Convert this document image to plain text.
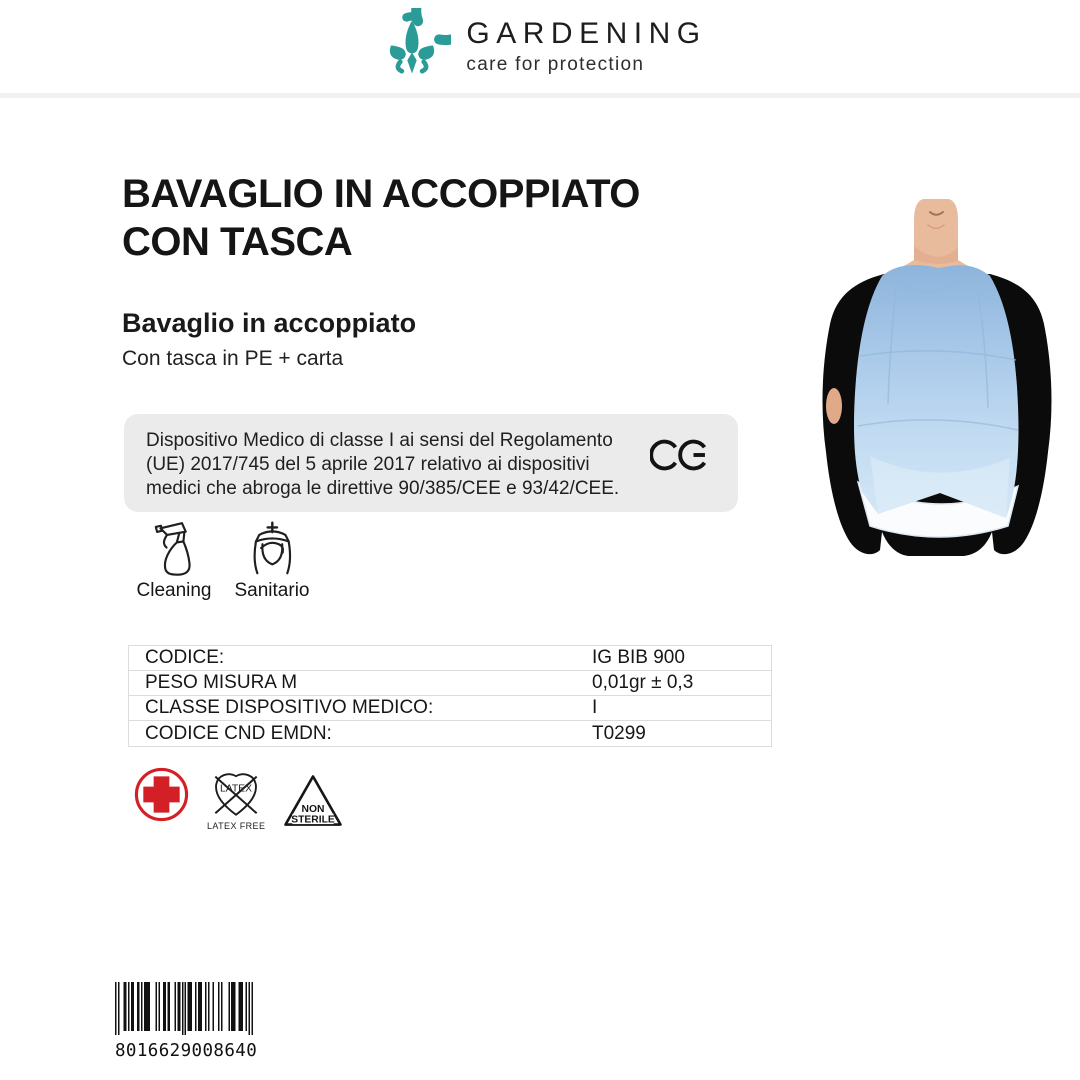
GARDENING
care for protection
BAVAGLIO IN ACCOPPIATO CON TASCA
Bavaglio in accoppiato
Con tasca in PE + carta
Dispositivo Medico di classe I ai sensi del Regolamento (UE) 2017/745 del 5 aprile 2017 relativo ai dispositivi medici che abroga le direttive 90/385/CEE e 93/42/CEE.
Cleaning Sanitario
CODICE:	IG BIB 900
PESO MISURA M	0,01gr ± 0,3
CLASSE DISPOSITIVO MEDICO:	I
CODICE CND EMDN:	T0299
LATEX
LATEX FREE
NON
STERILE
8016629008640
